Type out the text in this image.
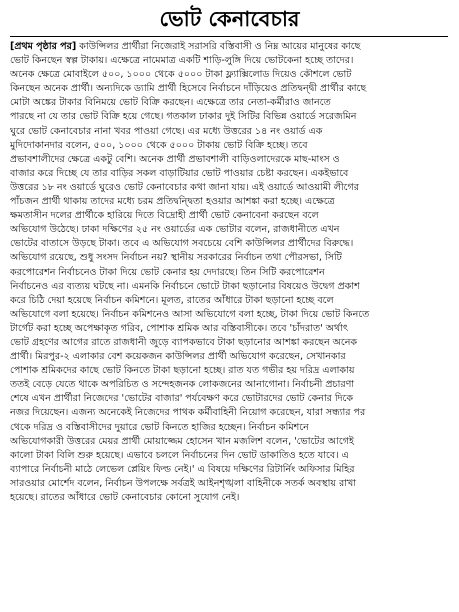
ভোট কেনাবেচার
[প্রথম পৃষ্ঠার পর] কাউন্সিলর প্রার্থীরা নিজেরাই সরাসরি বস্তিবাসী ও নিম্ন আয়ের মানুষের কাছে
ভোট কিনছেন স্বল্প টাকায়। এক্ষেত্রে নামেমাত্র একটি শাড়ি-লুঙ্গি দিয়ে ভোটকেনা হচ্ছে তাদের।
অনেক ক্ষেত্রে মোবাইলে ৫০০, ১০০০ থেকে ৫০০০ টাকা ফ্ল্যাক্সিলোড দিয়েও কৌশলে ভোট
কিনছেন অনেক প্রার্থী। অন্যদিকে ড্যামি প্রার্থী হিসেবে নির্বাচনে দাঁড়িয়েও প্রতিদ্বন্দ্বী প্রার্থীর কাছে
মোটা অঙ্কের টাকার বিনিময়ে ভোট বিক্রি করছেন। এক্ষেত্রে তার নেতা-কর্মীরাও জানতে
পারছে না যে তার ভোট বিক্রি হয়ে গেছে। গতকাল ঢাকার দুই সিটির বিভিন্ন ওয়ার্ডে সরেজমিন
ঘুরে ভোট কেনাবেচার নানা খবর পাওয়া গেছে। এর মধ্যে উত্তরের ১৪ নং ওয়ার্ড এক
মুদিদোকানদার বলেন, ৫০০, ১০০০ থেকে ৫০০০ টাকায় ভোট বিক্রি হচ্ছে। তবে
প্রভাবশালীদের ক্ষেত্রে একটু বেশি। অনেক প্রার্থী প্রভাবশালী বাড়িওলাদেরকে মাছ-মাংস ও
বাজার করে দিচ্ছে যে তার বাড়ির সকল বাড়াটিয়ার ভোট পাওয়ার চেষ্টা করছেন। একইভাবে
উত্তরের ১৮ নং ওয়ার্ডে ঘুরেও ভোট কেনাবেচার কথা জানা যায়। এই ওয়ার্ডে আওয়ামী লীগের
পাঁচজন প্রার্থী থাকায় তাদের মধ্যে চরম প্রতিদ্বন্দ্বিতা হওয়ার আশঙ্কা করা হচ্ছে। এক্ষেত্রে
ক্ষমতাসীন দলের প্রার্থীকে হারিয়ে দিতে বিদ্রোহী প্রার্থী ভোট কেনাবেনা করছেন বলে
অভিযোগ উঠেছে। ঢাকা দক্ষিণের ২৫ নং ওয়ার্ডের এক ভোটার বলেন, রাজধানীতে এখন
ভোটের বাতাসে উড়ছে টাকা। তবে এ অভিযোগ সবচেয়ে বেশি কাউন্সিলর প্রার্থীদের বিরুদ্ধে।
অভিযোগ রয়েছে, শুধু সংসদ নির্বাচন নয়? স্থানীয় সরকারের নির্বাচন তথা পৌরসভা, সিটি
করপোরেশন নির্বাচনেও টাকা দিয়ে ভোট কেনার হয় দেদারছে। তিন সিটি করপোরেশন
নির্বাচনেও এর ব্যত্যয় ঘটছে না। এমনকি নির্বাচনে ভোটে টাকা ছড়ানোর বিষয়েও উদ্বেগ প্রকাশ
করে চিঠি দেয়া হয়েছে নির্বাচন কমিশনে। মূলত, রাতের আঁধারে টাকা ছড়ানো হচ্ছে বলে
অভিযোগে বলা হয়েছে। নির্বাচন কমিশনেও আসা অভিযোগে বলা হচ্ছে, টাকা দিয়ে ভোট কিনতে
টার্গেট করা হচ্ছে অপেক্ষাকৃত গরিব, পোশাক শ্রমিক আর বস্তিবাসীকে। তবে 'চাঁদরাত' অর্থাৎ
ভোট গ্রহণের আগের রাতে রাজধানী জুড়ে ব্যাপকভাবে টাকা ছড়ানোর আশঙ্কা করছেন অনেক
প্রার্থী। মিরপুর-২ এলাকার বেশ কয়েকজন কাউন্সিলর প্রার্থী অভিযোগ করেছেন, সেখানকার
পোশাক শ্রমিকদের কাছে ভোট কিনতে টাকা ছড়ানো হচ্ছে। রাত যত গভীর হয় দরিদ্র এলাকায়
ততই বেড়ে যেতে থাকে অপরিচিত ও সন্দেহজনক লোকজনের আনাগোনা। নির্বাচনী প্রচারণা
শেষে এখন প্রার্থীরা নিজেদের 'ভোটের বাজার' পর্যবেক্ষণ করে ভোটারদের ভোট কেনার দিকে
নজর দিয়েছেন। এজন্য অনেকেই নিজেদের পাথক কর্মীবাহিনী নিয়োগ করেছেন, যারা সন্ধ্যার পর
থেকে দরিদ্র ও বস্তিবাসীদের দুয়ারে ভোট কিনতে হাজির হচ্ছেন। নির্বাচন কমিশনে
অভিযোগকারী উত্তরের মেয়র প্রার্থী মোয়াজ্জেম হোসেন খান মজলিশ বলেন, 'ভোটের আগেই
কালো টাকা বিলি শুরু হয়েছে। এভাবে চললে নির্বাচনের দিন ভোট ডাকাতিও হতে যাবে। এ
ব্যাপারে নির্বাচনী মাঠে লেভেল প্লেয়িং ফিল্ড নেই।' এ বিষয়ে দক্ষিণের রিটার্নিং অফিসার মিহির
সারওয়ার মোর্শেদ বলেন, নির্বাচন উপলক্ষে সর্বত্রই আইনশৃঙ্খলা বাহিনীকে সতর্ক অবস্থায় রাখা
হয়েছে। রাতের আঁধারে ভোট কেনাবেচার কোনো সুযোগ নেই।
